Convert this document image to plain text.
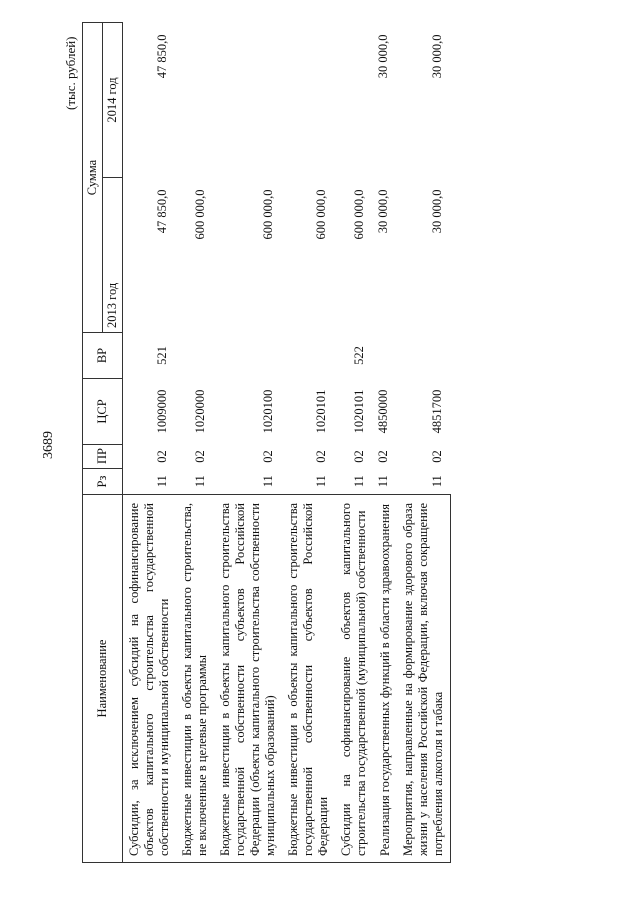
3689
(тыс. рублей)
Наименование	Рз	ПР	ЦСР	ВР	Сумма	
					2013 год	2014 год
Субсидии, за исключением субсидий на софинансирование объектов капитального строительства государственной собственности и муниципальной собственности	11	02	1009000	521	47 850,0	47 850,0
Бюджетные инвестиции в объекты капитального строительства, не включенные в целевые программы	11	02	1020000		600 000,0	
Бюджетные инвестиции в объекты капитального строительства государственной собственности субъектов Российской Федерации (объекты капитального строительства собственности муниципальных образований)	11	02	1020100		600 000,0	
Бюджетные инвестиции в объекты капитального строительства государственной собственности субъектов Российской Федерации	11	02	1020101		600 000,0	
Субсидии на софинансирование объектов капитального строительства государственной (муниципальной) собственности	11	02	1020101	522	600 000,0	
Реализация государственных функций в области здравоохранения	11	02	4850000		30 000,0	30 000,0
Мероприятия, направленные на формирование здорового образа жизни у населения Российской Федерации, включая сокращение потребления алкоголя и табака	11	02	4851700		30 000,0	30 000,0
